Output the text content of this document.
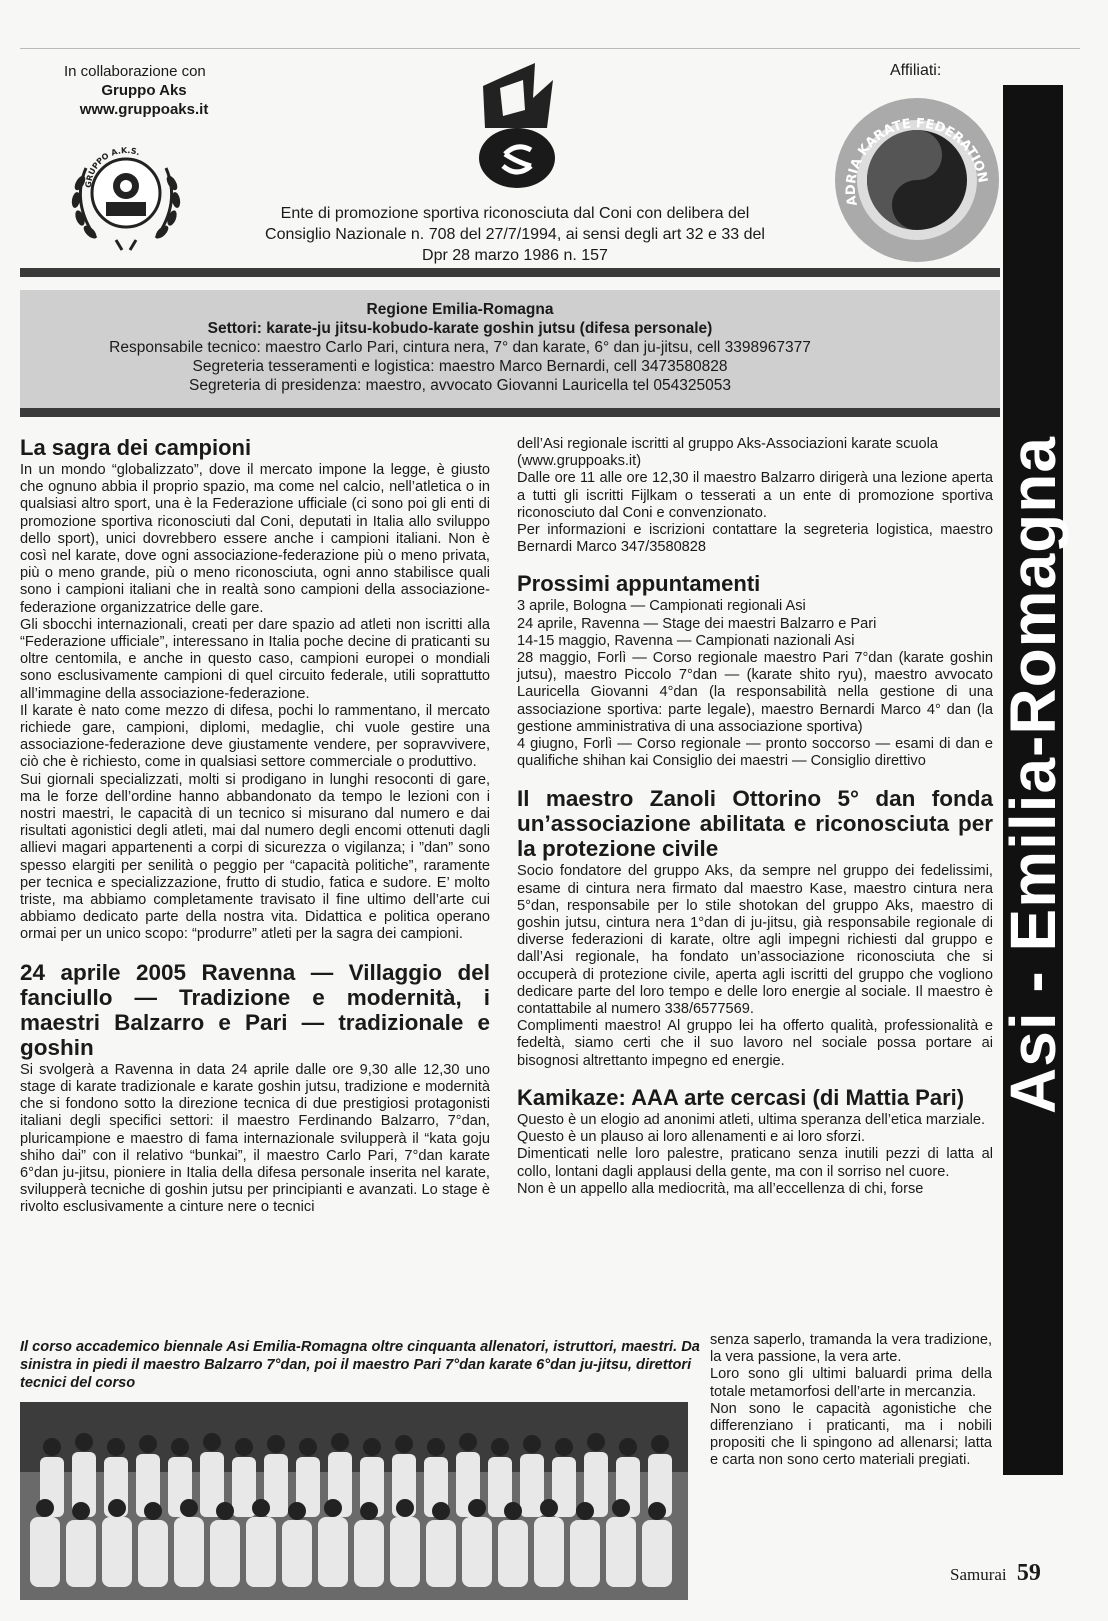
In collaborazione con
Gruppo Aks
www.gruppoaks.it
GRUPPO A.K.S.
Affiliati:
ADRIA KARATE FEDERATION
Ente di promozione sportiva riconosciuta dal Coni con delibera del
Consiglio Nazionale n. 708 del 27/7/1994, ai sensi degli art 32 e 33 del
Dpr 28 marzo 1986 n. 157
Regione Emilia-Romagna
Settori: karate-ju jitsu-kobudo-karate goshin jutsu (difesa personale)
Responsabile tecnico: maestro Carlo Pari, cintura nera, 7° dan karate, 6° dan ju-jitsu, cell 3398967377
Segreteria tesseramenti e logistica: maestro Marco Bernardi, cell 3473580828
Segreteria di presidenza: maestro, avvocato Giovanni Lauricella tel 054325053
Asi - Emilia-Romagna
La sagra dei campioni

In un mondo “globalizzato”, dove il mercato impone la legge, è giusto che ognuno abbia il proprio spazio, ma come nel calcio, nell’atletica o in qualsiasi altro sport, una è la Federazione ufficiale (ci sono poi gli enti di promozione sportiva riconosciuti dal Coni, deputati in Italia allo sviluppo dello sport), unici dovrebbero essere anche i campioni italiani. Non è così nel karate, dove ogni associazione-federazione più o meno privata, più o meno grande, più o meno riconosciuta, ogni anno stabilisce quali sono i campioni italiani che in realtà sono campioni della associazione-federazione organizzatrice delle gare.

Gli sbocchi internazionali, creati per dare spazio ad atleti non iscritti alla “Federazione ufficiale”, interessano in Italia poche decine di praticanti su oltre centomila, e anche in questo caso, campioni europei o mondiali sono esclusivamente campioni di quel circuito federale, utili soprattutto all’immagine della associazione-federazione.

Il karate è nato come mezzo di difesa, pochi lo rammentano, il mercato richiede gare, campioni, diplomi, medaglie, chi vuole gestire una associazione-federazione deve giustamente vendere, per sopravvivere, ciò che è richiesto, come in qualsiasi settore commerciale o produttivo.

Sui giornali specializzati, molti si prodigano in lunghi resoconti di gare, ma le forze dell’ordine hanno abbandonato da tempo le lezioni con i nostri maestri, le capacità di un tecnico si misurano dal numero e dai risultati agonistici degli atleti, mai dal numero degli encomi ottenuti dagli allievi magari appartenenti a corpi di sicurezza o vigilanza; i ”dan” sono spesso elargiti per senilità o peggio per “capacità politiche”, raramente per tecnica e specializzazione, frutto di studio, fatica e sudore. E’ molto triste, ma abbiamo completamente travisato il fine ultimo dell’arte cui abbiamo dedicato parte della nostra vita. Didattica e politica operano ormai per un unico scopo: “produrre” atleti per la sagra dei campioni.

24 aprile 2005 Ravenna — Villaggio del fanciullo — Tradizione e modernità, i maestri Balzarro e Pari — tradizionale e goshin

Si svolgerà a Ravenna in data 24 aprile dalle ore 9,30 alle 12,30 uno stage di karate tradizionale e karate goshin jutsu, tradizione e modernità che si fondono sotto la direzione tecnica di due prestigiosi protagonisti italiani degli specifici settori: il maestro Ferdinando Balzarro, 7°dan, pluricampione e maestro di fama internazionale svilupperà il “kata goju shiho dai” con il relativo “bunkai”, il maestro Carlo Pari, 7°dan karate 6°dan ju-jitsu, pioniere in Italia della difesa personale inserita nel karate, svilupperà tecniche di goshin jutsu per principianti e avanzati. Lo stage è rivolto esclusivamente a cinture nere o tecnici

dell’Asi regionale iscritti al gruppo Aks-Associazioni karate scuola (www.gruppoaks.it)

Dalle ore 11 alle ore 12,30 il maestro Balzarro dirigerà una lezione aperta a tutti gli iscritti Fijlkam o tesserati a un ente di promozione sportiva riconosciuto dal Coni e convenzionato.

Per informazioni e iscrizioni contattare la segreteria logistica, maestro Bernardi Marco 347/3580828

Prossimi appuntamenti

3 aprile, Bologna — Campionati regionali Asi

24 aprile, Ravenna — Stage dei maestri Balzarro e Pari

14-15 maggio, Ravenna — Campionati nazionali Asi

28 maggio, Forlì — Corso regionale maestro Pari 7°dan (karate goshin jutsu), maestro Piccolo 7°dan — (karate shito ryu), maestro avvocato Lauricella Giovanni 4°dan (la responsabilità nella gestione di una associazione sportiva: parte legale), maestro Bernardi Marco 4° dan (la gestione amministrativa di una associazione sportiva)

4 giugno, Forlì — Corso regionale — pronto soccorso — esami di dan e qualifiche shihan kai Consiglio dei maestri — Consiglio direttivo

Il maestro Zanoli Ottorino 5° dan fonda un’associazione abilitata e riconosciuta per la protezione civile

Socio fondatore del gruppo Aks, da sempre nel gruppo dei fedelissimi, esame di cintura nera firmato dal maestro Kase, maestro cintura nera 5°dan, responsabile per lo stile shotokan del gruppo Aks, maestro di goshin jutsu, cintura nera 1°dan di ju-jitsu, già responsabile regionale di diverse federazioni di karate, oltre agli impegni richiesti dal gruppo e dall’Asi regionale, ha fondato un’associazione riconosciuta che si occuperà di protezione civile, aperta agli iscritti del gruppo che vogliono dedicare parte del loro tempo e delle loro energie al sociale. Il maestro è contattabile al numero 338/6577569.

Complimenti maestro! Al gruppo lei ha offerto qualità, professionalità e fedeltà, siamo certi che il suo lavoro nel sociale possa portare ai bisognosi altrettanto impegno ed energie.

Kamikaze: AAA arte cercasi (di Mattia Pari)

Questo è un elogio ad anonimi atleti, ultima speranza dell’etica marziale.

Questo è un plauso ai loro allenamenti e ai loro sforzi.

Dimenticati nelle loro palestre, praticano senza inutili pezzi di latta al collo, lontani dagli applausi della gente, ma con il sorriso nel cuore.

Non è un appello alla mediocrità, ma all’eccellenza di chi, forse

senza saperlo, tramanda la vera tradizione, la vera passione, la vera arte.

Loro sono gli ultimi baluardi prima della totale metamorfosi dell’arte in mercanzia.

Non sono le capacità agonistiche che differenziano i praticanti, ma i nobili propositi che li spingono ad allenarsi; latta e carta non sono certo materiali pregiati.

Il corso accademico biennale Asi Emilia-Romagna oltre cinquanta allenatori, istruttori, maestri. Da sinistra in piedi il maestro Balzarro 7°dan, poi il maestro Pari 7°dan karate 6°dan ju-jitsu, direttori tecnici del corso
Samurai 59
